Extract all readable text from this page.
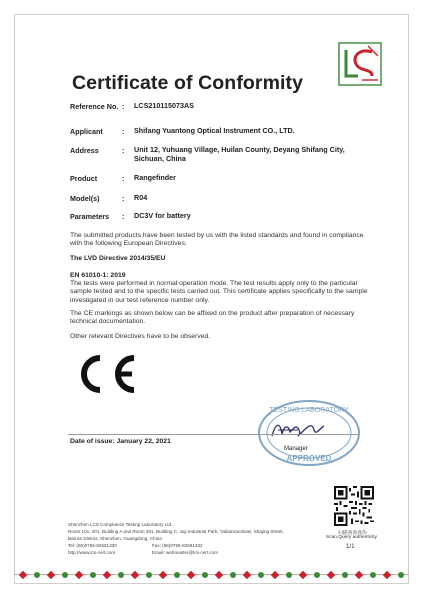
Certificate of Conformity
Reference No. : LCS210115073AS
Applicant	: Shifang Yuantong Optical Instrument CO., LTD.
Address	: Unit 12, Yuhuang Village, Huilan County, Deyang Shifang City, Sichuan, China
Product	: Rangefinder
Model(s)	: R04
Parameters : DC3V for battery
The submitted products have been tested by us with the listed standards and found in compliance with the following European Directives:
The LVD Directive 2014/35/EU
EN 61010-1: 2019
The tests were performed in normal operation mode. The test results apply only to the particular sample tested and to the specific tests carried out. This certificate applies specifically to the sample investigated in our test reference number only.
The CE markings as shown below can be affixed on the product after preparation of necessary technical documentation.
Other relevant Directives have to be observed.
TESTING LABORATORY
APPROVED
Date of issue: January 22, 2021
Manager
扫描查询真伪
Scan,Query authenticity
1/1
Shenzhen LCS Compliance Testing Laboratory Ltd.
Room 101, 201, Building A and Room 301, Building C, Juji Industrial Park, Yabianxueziwei, Shajing Street,
Bao'an District, Shenzhen, Guangdong, China
Tel: (86)0755-82591330	Fax: (86)0755-82591332
http://www.lcs-cert.com	Email: webmaster@lcs-cert.com
